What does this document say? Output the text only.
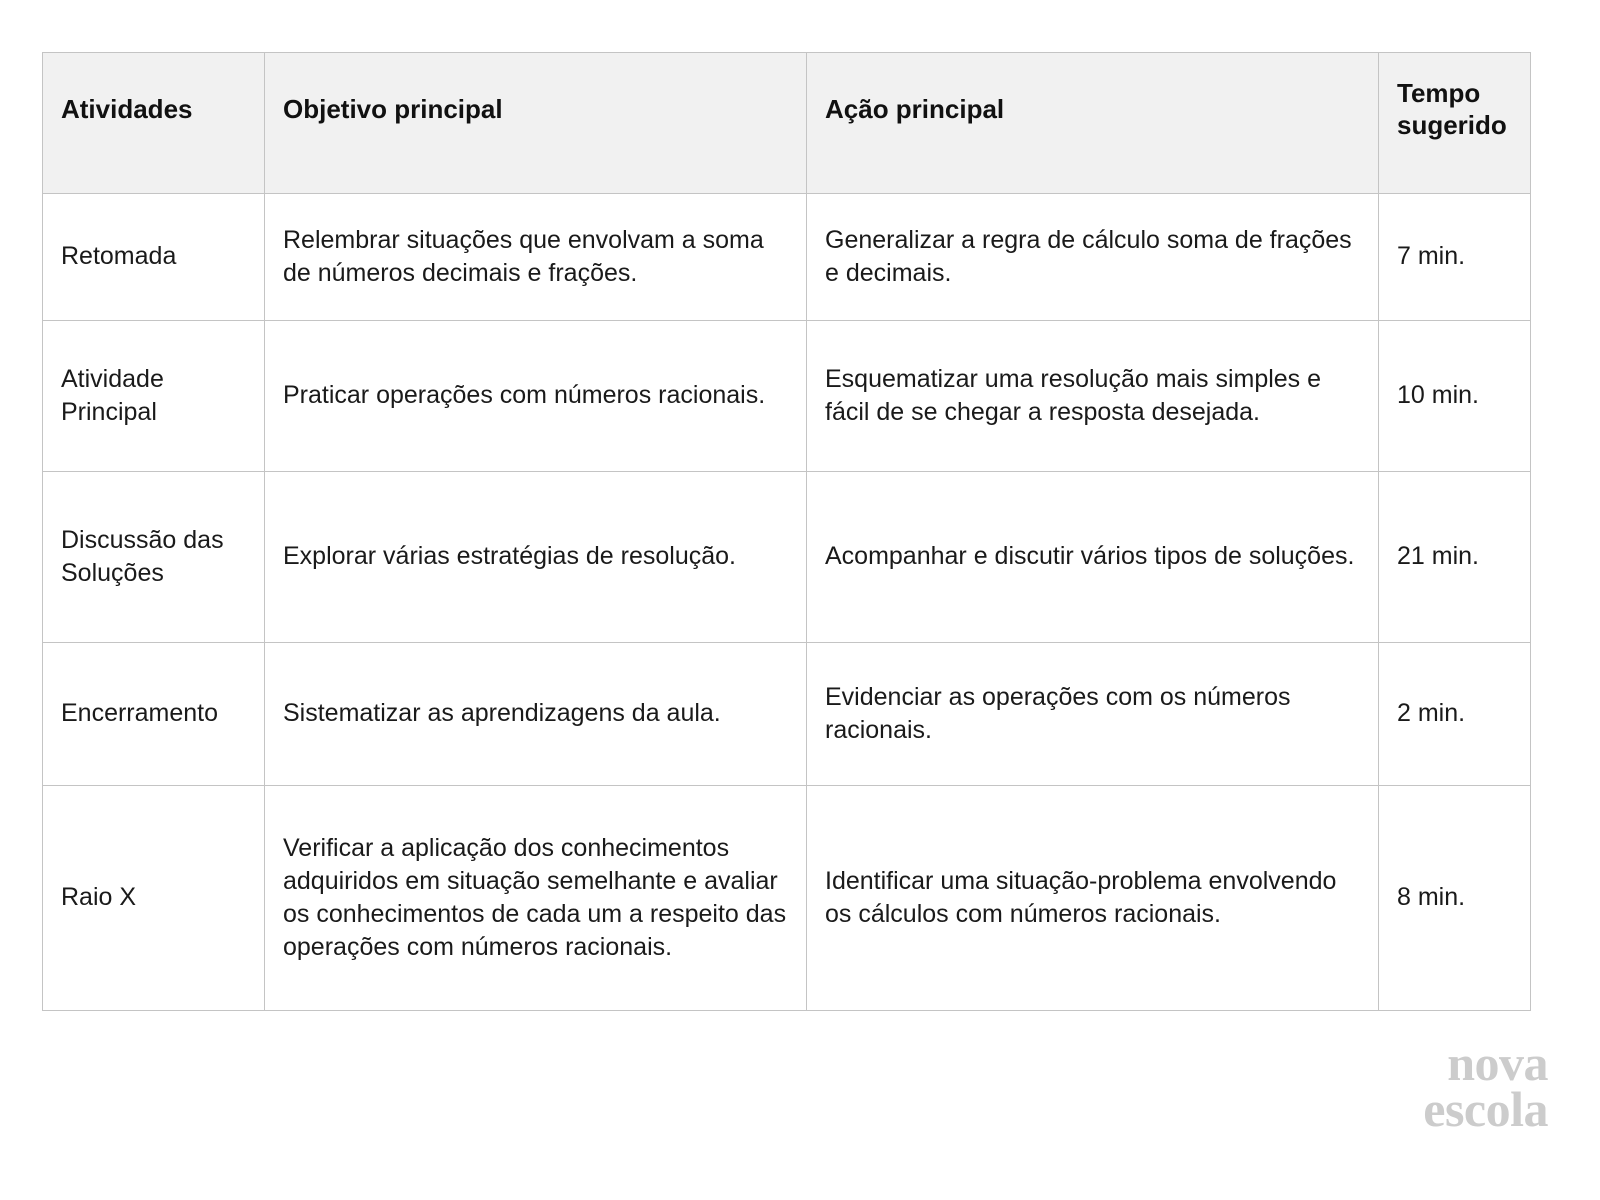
Atividades	Objetivo principal	Ação principal	Tempo sugerido

Retomada	Relembrar situações que envolvam a soma de números decimais e frações.	Generalizar a regra de cálculo soma de frações e decimais.	7 min.
Atividade Principal	Praticar operações com números racionais.	Esquematizar uma resolução mais simples e fácil de se chegar a resposta desejada.	10 min.
Discussão das Soluções	Explorar várias estratégias de resolução.	Acompanhar e discutir vários tipos de soluções.	21 min.
Encerramento	Sistematizar as aprendizagens da aula.	Evidenciar as operações com os números racionais.	2 min.
Raio X	Verificar a aplicação dos conhecimentos adquiridos em situação semelhante e avaliar os conhecimentos de cada um a respeito das operações com números racionais.	Identificar uma situação-problema envolvendo os cálculos com números racionais.	8 min.
nova
escola
